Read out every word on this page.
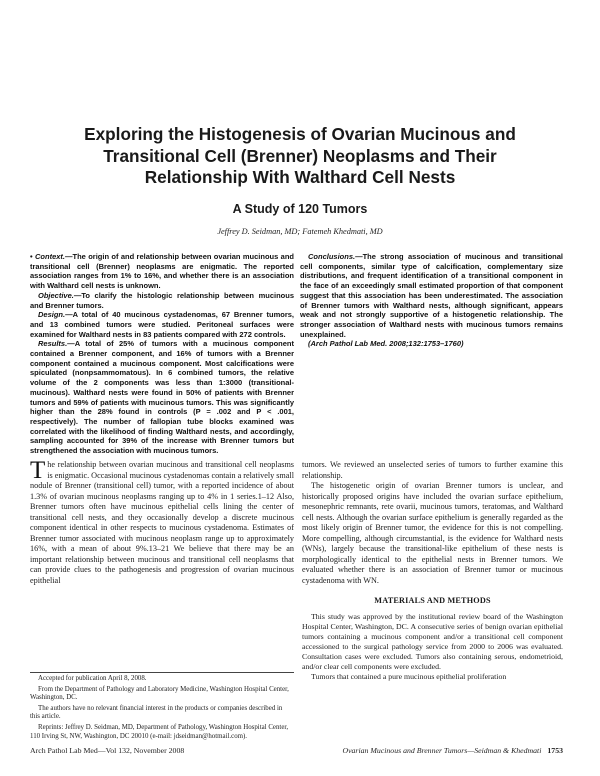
Exploring the Histogenesis of Ovarian Mucinous and
Transitional Cell (Brenner) Neoplasms and Their
Relationship With Walthard Cell Nests
A Study of 120 Tumors
Jeffrey D. Seidman, MD; Fatemeh Khedmati, MD

• Context.—The origin of and relationship between ovarian mucinous and transitional cell (Brenner) neoplasms are enigmatic. The reported association ranges from 1% to 16%, and whether there is an association with Walthard cell nests is unknown.

Objective.—To clarify the histologic relationship between mucinous and Brenner tumors.

Design.—A total of 40 mucinous cystadenomas, 67 Brenner tumors, and 13 combined tumors were studied. Peritoneal surfaces were examined for Walthard nests in 83 patients compared with 272 controls.

Results.—A total of 25% of tumors with a mucinous component contained a Brenner component, and 16% of tumors with a Brenner component contained a mucinous component. Most calcifications were spiculated (nonpsammomatous). In 6 combined tumors, the relative volume of the 2 components was less than 1:3000 (transitional-mucinous). Walthard nests were found in 50% of patients with Brenner tumors and 59% of patients with mucinous tumors. This was significantly higher than the 28% found in controls (P = .002 and P < .001, respectively). The number of fallopian tube blocks examined was correlated with the likelihood of finding Walthard nests, and accordingly, sampling accounted for 39% of the increase with Brenner tumors but strengthened the association with mucinous tumors.

Conclusions.—The strong association of mucinous and transitional cell components, similar type of calcification, complementary size distributions, and frequent identification of a transitional component in the face of an exceedingly small estimated proportion of that component suggest that this association has been underestimated. The association of Brenner tumors with Walthard nests, although significant, appears weak and not strongly supportive of a histogenetic relationship. The stronger association of Walthard nests with mucinous tumors remains unexplained.

(Arch Pathol Lab Med. 2008;132:1753–1760)

The relationship between ovarian mucinous and transitional cell neoplasms is enigmatic. Occasional mucinous cystadenomas contain a relatively small nodule of Brenner (transitional cell) tumor, with a reported incidence of about 1.3% of ovarian mucinous neoplasms ranging up to 4% in 1 series.1–12 Also, Brenner tumors often have mucinous epithelial cells lining the center of transitional cell nests, and they occasionally develop a discrete mucinous component identical in other respects to mucinous cystadenoma. Estimates of Brenner tumor associated with mucinous neoplasm range up to approximately 16%, with a mean of about 9%.13–21 We believe that there may be an important relationship between mucinous and transitional cell neoplasms that can provide clues to the pathogenesis and progression of ovarian mucinous epithelial

tumors. We reviewed an unselected series of tumors to further examine this relationship.

The histogenetic origin of ovarian Brenner tumors is unclear, and historically proposed origins have included the ovarian surface epithelium, mesonephric remnants, rete ovarii, mucinous tumors, teratomas, and Walthard cell nests. Although the ovarian surface epithelium is generally regarded as the most likely origin of Brenner tumor, the evidence for this is not compelling. More compelling, although circumstantial, is the evidence for Walthard nests (WNs), largely because the transitional-like epithelium of these nests is morphologically identical to the epithelial nests in Brenner tumors. We evaluated whether there is an association of Brenner tumor or mucinous cystadenoma with WN.

MATERIALS AND METHODS

This study was approved by the institutional review board of the Washington Hospital Center, Washington, DC. A consecutive series of benign ovarian epithelial tumors containing a mucinous component and/or a transitional cell component accessioned to the surgical pathology service from 2000 to 2006 was evaluated. Consultation cases were excluded. Tumors also containing serous, endometrioid, and/or clear cell components were excluded.

Tumors that contained a pure mucinous epithelial proliferation

Accepted for publication April 8, 2008.

From the Department of Pathology and Laboratory Medicine, Washington Hospital Center, Washington, DC.

The authors have no relevant financial interest in the products or companies described in this article.

Reprints: Jeffrey D. Seidman, MD, Department of Pathology, Washington Hospital Center, 110 Irving St, NW, Washington, DC 20010 (e-mail: jdseidman@hotmail.com).

Arch Pathol Lab Med—Vol 132, November 2008	Ovarian Mucinous and Brenner Tumors—Seidman & Khedmati 1753
